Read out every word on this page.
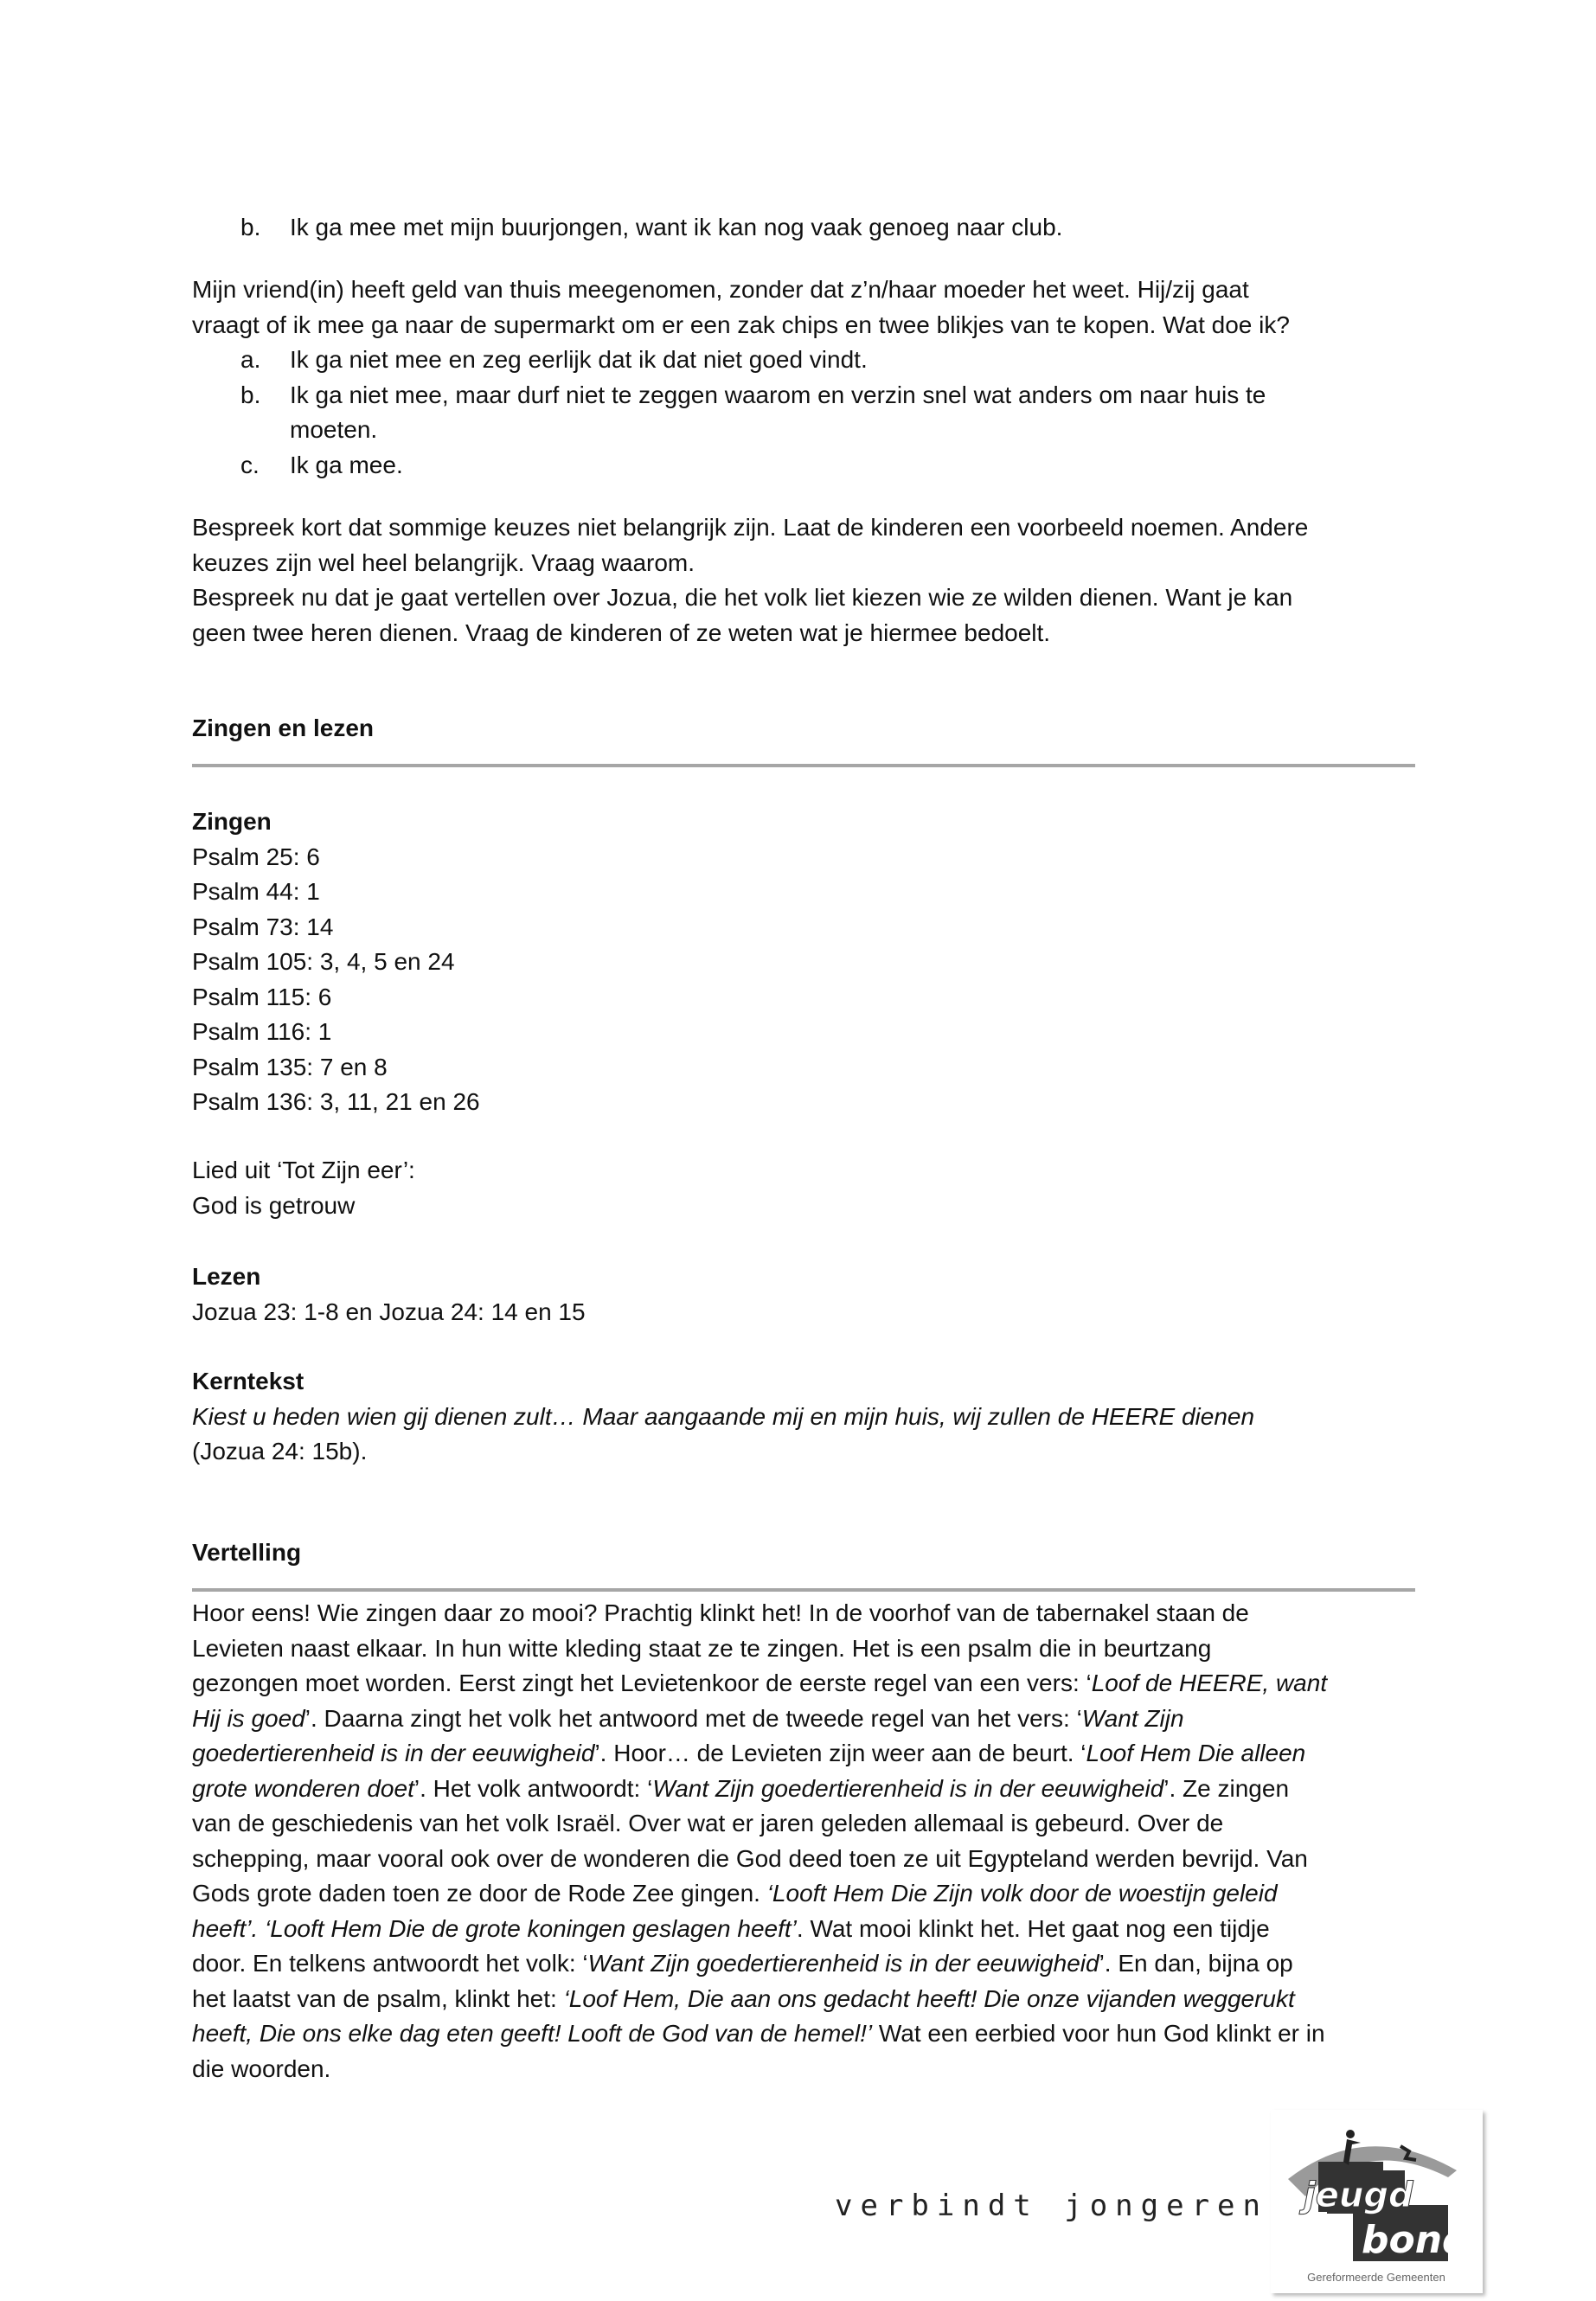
b. Ik ga mee met mijn buurjongen, want ik kan nog vaak genoeg naar club.
Mijn vriend(in) heeft geld van thuis meegenomen, zonder dat z’n/haar moeder het weet. Hij/zij gaat
vraagt of ik mee ga naar de supermarkt om er een zak chips en twee blikjes van te kopen. Wat doe ik?
a. Ik ga niet mee en zeg eerlijk dat ik dat niet goed vindt.
b. Ik ga niet mee, maar durf niet te zeggen waarom en verzin snel wat anders om naar huis te
moeten.
c. Ik ga mee.
Bespreek kort dat sommige keuzes niet belangrijk zijn. Laat de kinderen een voorbeeld noemen. Andere
keuzes zijn wel heel belangrijk. Vraag waarom.
Bespreek nu dat je gaat vertellen over Jozua, die het volk liet kiezen wie ze wilden dienen. Want je kan
geen twee heren dienen. Vraag de kinderen of ze weten wat je hiermee bedoelt.
Zingen en lezen
Zingen
Psalm 25: 6
Psalm 44: 1
Psalm 73: 14
Psalm 105: 3, 4, 5 en 24
Psalm 115: 6
Psalm 116: 1
Psalm 135: 7 en 8
Psalm 136: 3, 11, 21 en 26
Lied uit ‘Tot Zijn eer’:
God is getrouw
Lezen
Jozua 23: 1-8 en Jozua 24: 14 en 15
Kerntekst
Kiest u heden wien gij dienen zult… Maar aangaande mij en mijn huis, wij zullen de HEERE dienen
(Jozua 24: 15b).
Vertelling
Hoor eens! Wie zingen daar zo mooi? Prachtig klinkt het! In de voorhof van de tabernakel staan de
Levieten naast elkaar. In hun witte kleding staat ze te zingen. Het is een psalm die in beurtzang
gezongen moet worden. Eerst zingt het Levietenkoor de eerste regel van een vers: ‘Loof de HEERE, want
Hij is goed’. Daarna zingt het volk het antwoord met de tweede regel van het vers: ‘Want Zijn
goedertierenheid is in der eeuwigheid’. Hoor… de Levieten zijn weer aan de beurt. ‘Loof Hem Die alleen
grote wonderen doet’. Het volk antwoordt: ‘Want Zijn goedertierenheid is in der eeuwigheid’. Ze zingen
van de geschiedenis van het volk Israël. Over wat er jaren geleden allemaal is gebeurd. Over de
schepping, maar vooral ook over de wonderen die God deed toen ze uit Egypteland werden bevrijd. Van
Gods grote daden toen ze door de Rode Zee gingen. ‘Looft Hem Die Zijn volk door de woestijn geleid
heeft’. ‘Looft Hem Die de grote koningen geslagen heeft’. Wat mooi klinkt het. Het gaat nog een tijdje
door. En telkens antwoordt het volk: ‘Want Zijn goedertierenheid is in der eeuwigheid’. En dan, bijna op
het laatst van de psalm, klinkt het: ‘Loof Hem, Die aan ons gedacht heeft! Die onze vijanden weggerukt
heeft, Die ons elke dag eten geeft! Looft de God van de hemel!’ Wat een eerbied voor hun God klinkt er in
die woorden.
verbindt jongeren jeugd
bond
Gereformeerde Gemeenten
